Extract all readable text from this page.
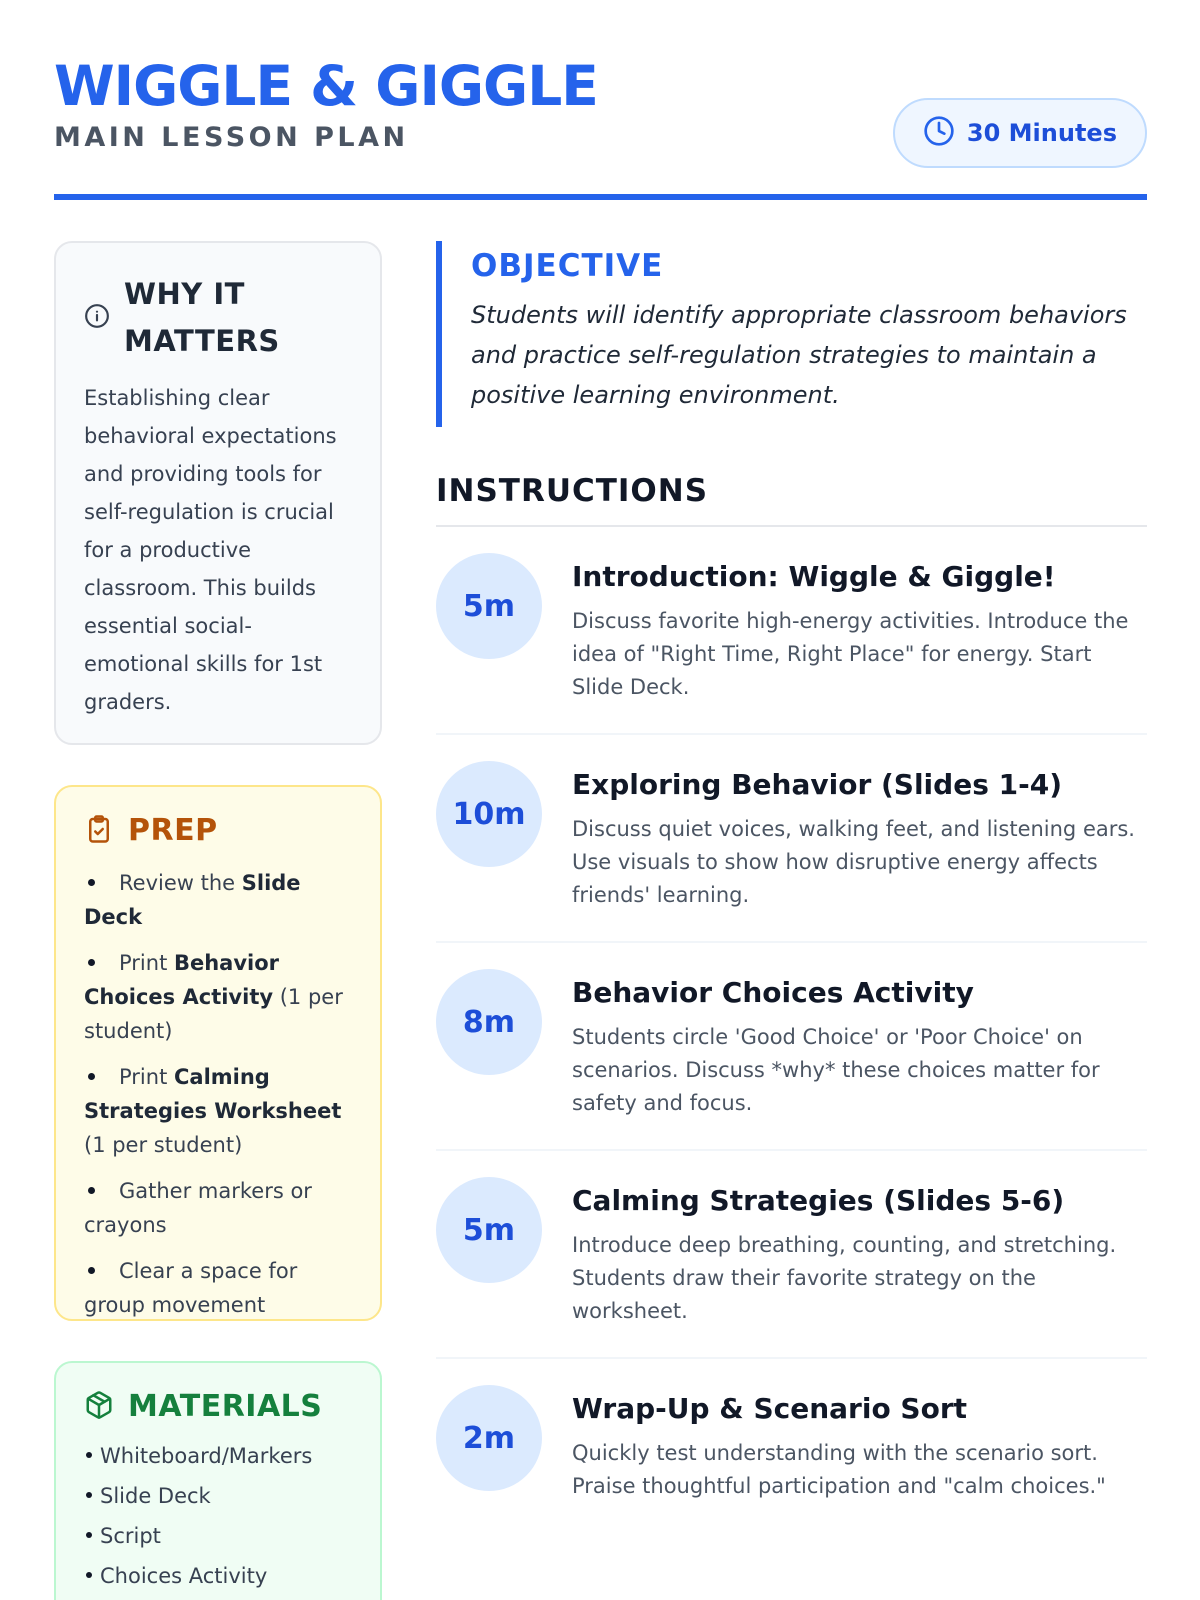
WIGGLE & GIGGLE
MAIN LESSON PLAN	30 Minutes
WHY IT
MATTERS
Establishing clear behavioral expectations and providing tools for self-regulation is crucial for a productive classroom. This builds essential social-emotional skills for 1st graders.
PREP
Review the Slide Deck
Print Behavior Choices Activity (1 per student)
Print Calming Strategies Worksheet (1 per student)
Gather markers or crayons
Clear a space for group movement
MATERIALS
Whiteboard/Markers
Slide Deck
Script
Choices Activity
OBJECTIVE
Students will identify appropriate classroom behaviors and practice self-regulation strategies to maintain a positive learning environment.
INSTRUCTIONS
5m
Introduction: Wiggle & Giggle!
Discuss favorite high-energy activities. Introduce the idea of "Right Time, Right Place" for energy. Start Slide Deck.
10m
Exploring Behavior (Slides 1-4)
Discuss quiet voices, walking feet, and listening ears. Use visuals to show how disruptive energy affects friends' learning.
8m
Behavior Choices Activity
Students circle 'Good Choice' or 'Poor Choice' on scenarios. Discuss *why* these choices matter for safety and focus.
5m
Calming Strategies (Slides 5-6)
Introduce deep breathing, counting, and stretching. Students draw their favorite strategy on the worksheet.
2m
Wrap-Up & Scenario Sort
Quickly test understanding with the scenario sort. Praise thoughtful participation and "calm choices."
